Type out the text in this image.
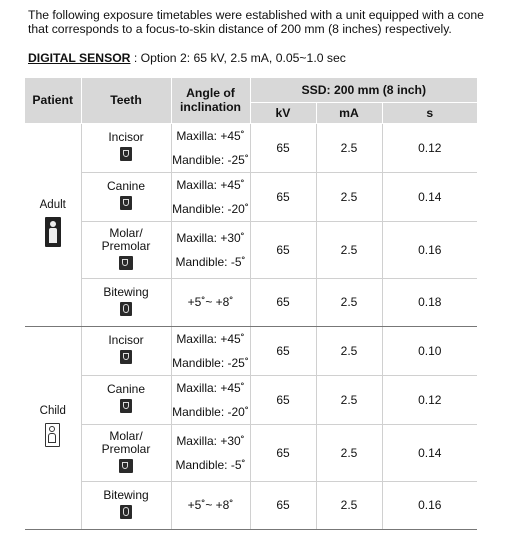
The following exposure timetables were established with a unit equipped with a cone that corresponds to a focus-to-skin distance of 200 mm (8 inches) respectively.
DIGITAL SENSOR : Option 2: 65 kV, 2.5 mA, 0.05~1.0 sec
Patient	Teeth	Angle of inclination	SSD: 200 mm (8 inch)		
			kV	mA	s

Adult	Incisor	Maxilla: +45˚
Mandible: -25˚	65	2.5	0.12

	Canine	Maxilla: +45˚
Mandible: -20˚	65	2.5	0.14

	Molar/ Premolar	Maxilla: +30˚
Mandible: -5˚	65	2.5	0.16

	Bitewing	+5˚~ +8˚	65	2.5	0.18

Child	Incisor	Maxilla: +45˚
Mandible: -25˚	65	2.5	0.10

	Canine	Maxilla: +45˚
Mandible: -20˚	65	2.5	0.12

	Molar/ Premolar	Maxilla: +30˚
Mandible: -5˚	65	2.5	0.14

	Bitewing	+5˚~ +8˚	65	2.5	0.16
